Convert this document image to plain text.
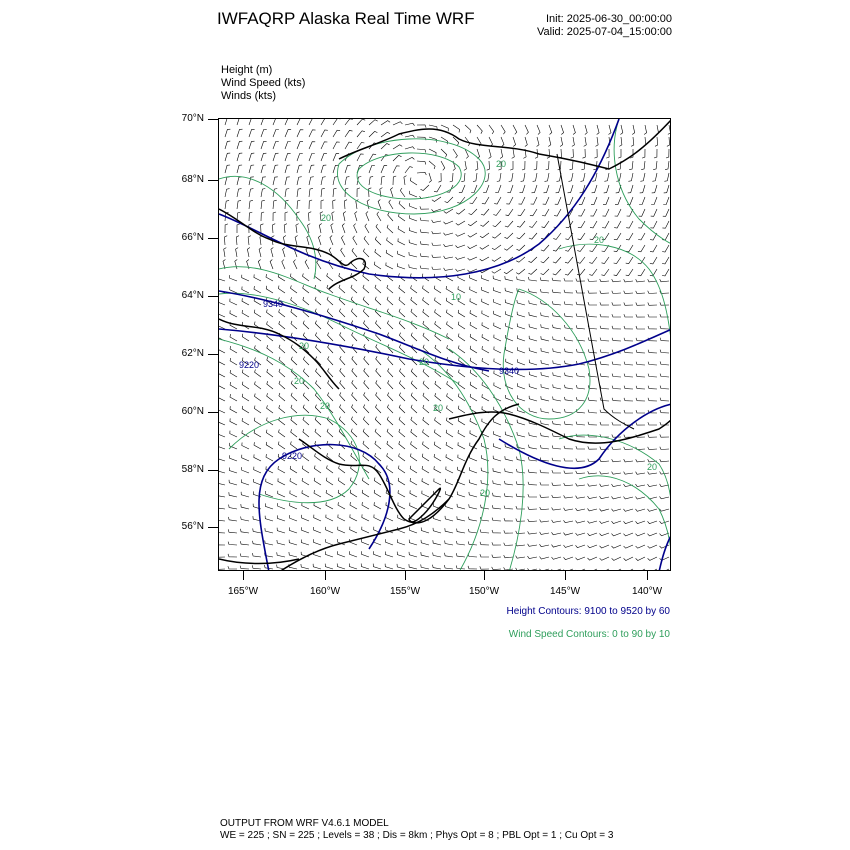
IWFAQRP Alaska Real Time WRF	Init: 2025-06-30_00:00:00
Valid: 2025-07-04_15:00:00
Height (m)
Wind Speed (kts)
Winds (kts)
70°N
68°N
66°N
64°N
62°N
60°N
58°N
56°N
165°W	160°W	155°W	150°W	145°W	140°W
9340
9220
9340
9220
20
20
20
10
20
20	20
20
20
20
20
Height Contours: 9100 to 9520 by 60
Wind Speed Contours: 0 to 90 by 10
OUTPUT FROM WRF V4.6.1 MODEL
WE = 225 ; SN = 225 ; Levels = 38 ; Dis = 8km ; Phys Opt = 8 ; PBL Opt = 1 ; Cu Opt = 3
